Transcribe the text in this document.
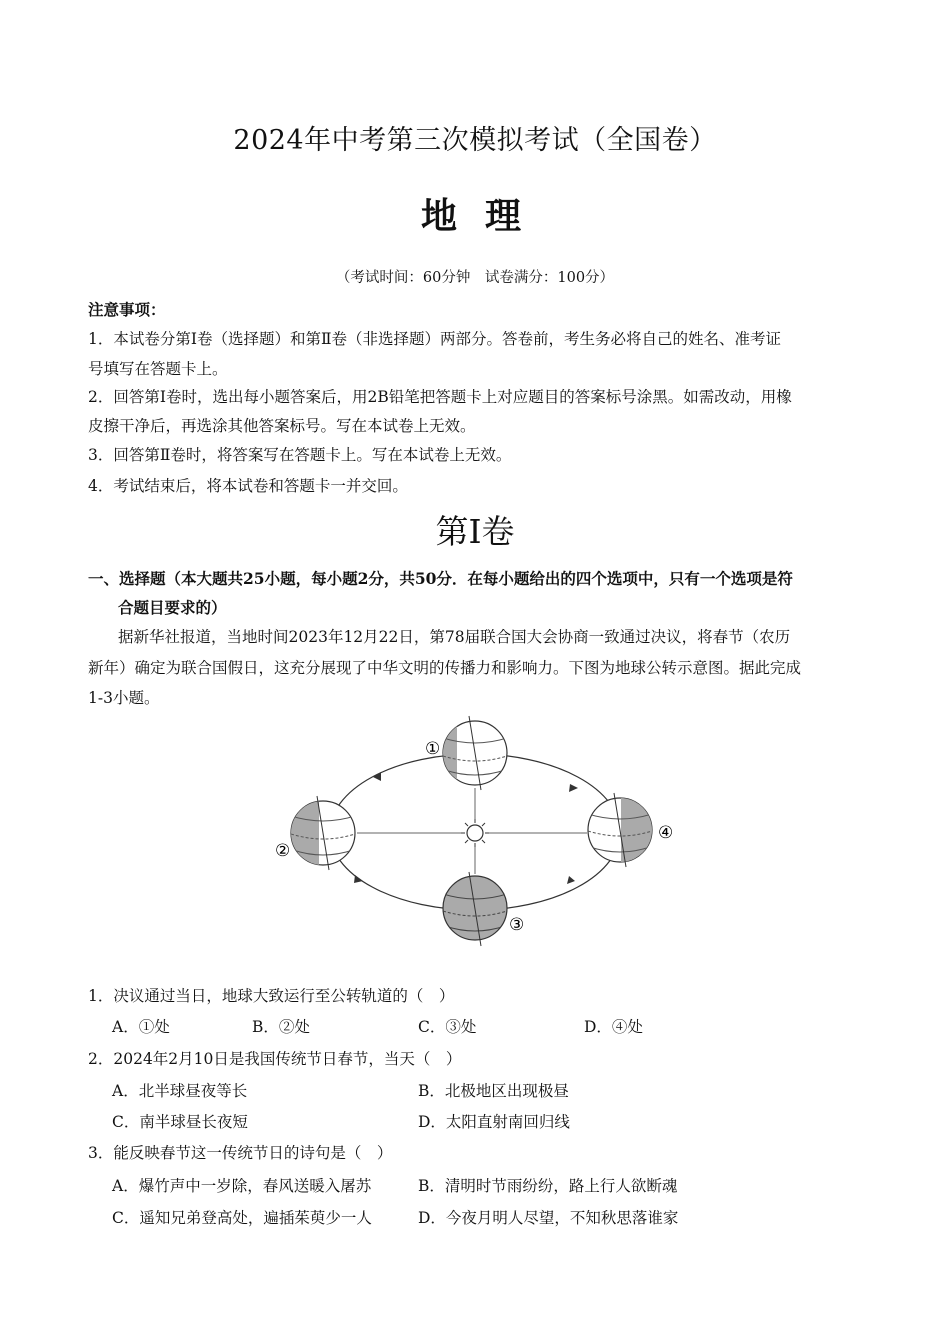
2024年中考第三次模拟考试（全国卷）
地理
（考试时间：60分钟　试卷满分：100分）
注意事项：
1．本试卷分第Ⅰ卷（选择题）和第Ⅱ卷（非选择题）两部分。答卷前，考生务必将自己的姓名、准考证
号填写在答题卡上。
2．回答第Ⅰ卷时，选出每小题答案后，用2B铅笔把答题卡上对应题目的答案标号涂黑。如需改动，用橡
皮擦干净后，再选涂其他答案标号。写在本试卷上无效。
3．回答第Ⅱ卷时，将答案写在答题卡上。写在本试卷上无效。
4．考试结束后，将本试卷和答题卡一并交回。
第Ⅰ卷
一、选择题（本大题共25小题，每小题2分，共50分．在每小题给出的四个选项中，只有一个选项是符
合题目要求的）
据新华社报道，当地时间2023年12月22日，第78届联合国大会协商一致通过决议，将春节（农历
新年）确定为联合国假日，这充分展现了中华文明的传播力和影响力。下图为地球公转示意图。据此完成
1-3小题。
①
②
③
④
1．决议通过当日，地球大致运行至公转轨道的（　）
A．①处	B．②处	C．③处	D．④处
2．2024年2月10日是我国传统节日春节，当天（　）
A．北半球昼夜等长	B．北极地区出现极昼
C．南半球昼长夜短	D．太阳直射南回归线
3．能反映春节这一传统节日的诗句是（　）
A．爆竹声中一岁除，春风送暖入屠苏	B．清明时节雨纷纷，路上行人欲断魂
C．遥知兄弟登高处，遍插茱萸少一人	D．今夜月明人尽望，不知秋思落谁家
